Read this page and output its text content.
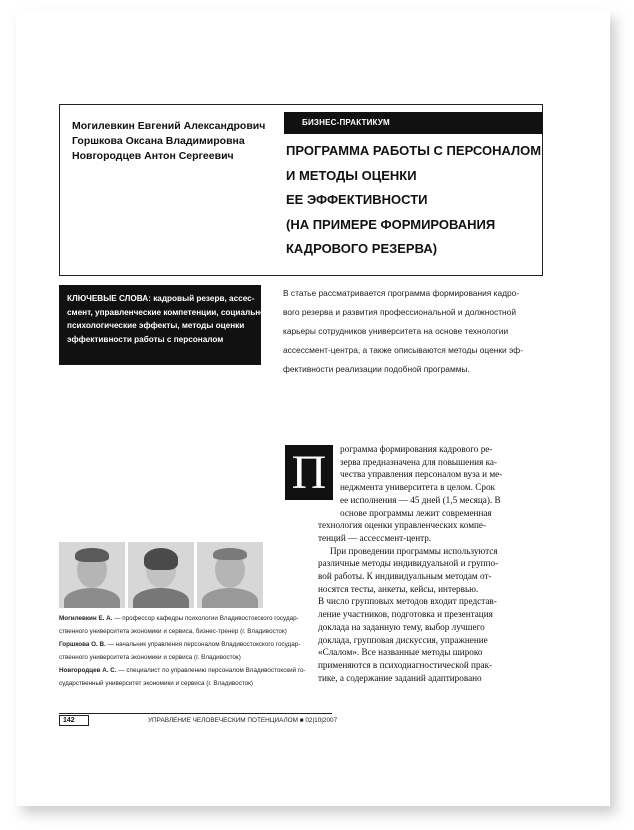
Могилевкин Евгений Александрович
Горшкова Оксана Владимировна
Новгородцев Антон Сергеевич
БИЗНЕС-ПРАКТИКУМ
ПРОГРАММА РАБОТЫ С ПЕРСОНАЛОМ
И МЕТОДЫ ОЦЕНКИ
ЕЕ ЭФФЕКТИВНОСТИ
(НА ПРИМЕРЕ ФОРМИРОВАНИЯ
КАДРОВОГО РЕЗЕРВА)
КЛЮЧЕВЫЕ СЛОВА: кадровый резерв, ассес-
смент, управленческие компетенции, социально-
психологические эффекты, методы оценки
эффективности работы с персоналом
В статье рассматривается программа формирования кадро-
вого резерва и развития профессиональной и должностной
карьеры сотрудников университета на основе технологии
ассессмент-центра, а также описываются методы оценки эф-
фективности реализации подобной программы.
П	рограмма формирования кадрового ре-
зерва предназначена для повышения ка-
чества управления персоналом вуза и ме-
неджмента университета в целом. Срок
ее исполнения — 45 дней (1,5 месяца). В
основе программы лежит современная
технология оценки управленческих компе-
тенций — ассессмент-центр.
При проведении программы используются
различные методы индивидуальной и группо-
вой работы. К индивидуальным методам от-
носятся тесты, анкеты, кейсы, интервью.
В число групповых методов входит представ-
ление участников, подготовка и презентация
доклада на заданную тему, выбор лучшего
доклада, групповая дискуссия, упражнение
«Слалом». Все названные методы широко
применяются в психодиагностической прак-
тике, а содержание заданий адаптировано
Могилевкин Е. А. — профессор кафедры психологии Владивостокского государ-
ственного университета экономики и сервиса, бизнес-тренер (г. Владивосток)
Горшкова О. В. — начальник управления персоналом Владивостокского государ-
ственного университета экономики и сервиса (г. Владивосток)
Новгородцев А. С. — специалист по управлению персоналом Владивостокский го-
сударственный университет экономики и сервиса (г. Владивосток)
142	УПРАВЛЕНИЕ ЧЕЛОВЕЧЕСКИМ ПОТЕНЦИАЛОМ ■ 02|10|2007
